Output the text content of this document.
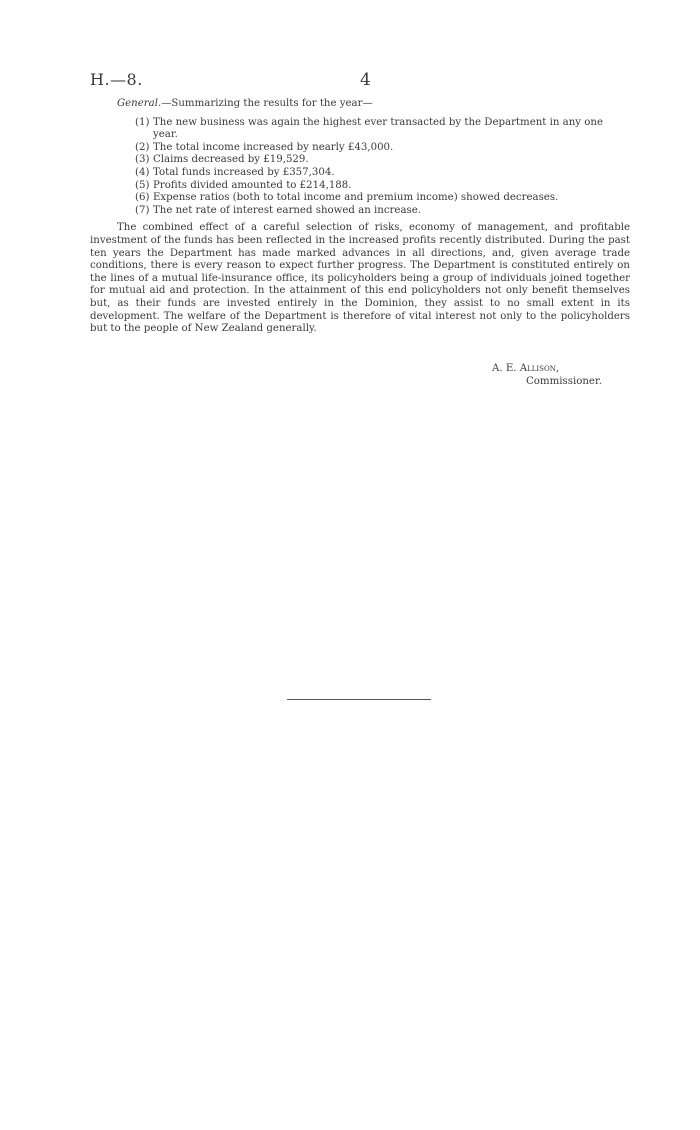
H.—8.	4

General.—Summarizing the results for the year—

(1) The new business was again the highest ever transacted by the Department in any one year.
(2) The total income increased by nearly £43,000.
(3) Claims decreased by £19,529.
(4) Total funds increased by £357,304.
(5) Profits divided amounted to £214,188.
(6) Expense ratios (both to total income and premium income) showed decreases.
(7) The net rate of interest earned showed an increase.

The combined effect of a careful selection of risks, economy of management, and profitable investment of the funds has been reflected in the increased profits recently distributed. During the past ten years the Department has made marked advances in all directions, and, given average trade conditions, there is every reason to expect further progress. The Department is constituted entirely on the lines of a mutual life-insurance office, its policyholders being a group of individuals joined together for mutual aid and protection. In the attainment of this end policyholders not only benefit themselves but, as their funds are invested entirely in the Dominion, they assist to no small extent in its development. The welfare of the Department is therefore of vital interest not only to the policyholders but to the people of New Zealand generally.

A. E. Allison,
Commissioner.
